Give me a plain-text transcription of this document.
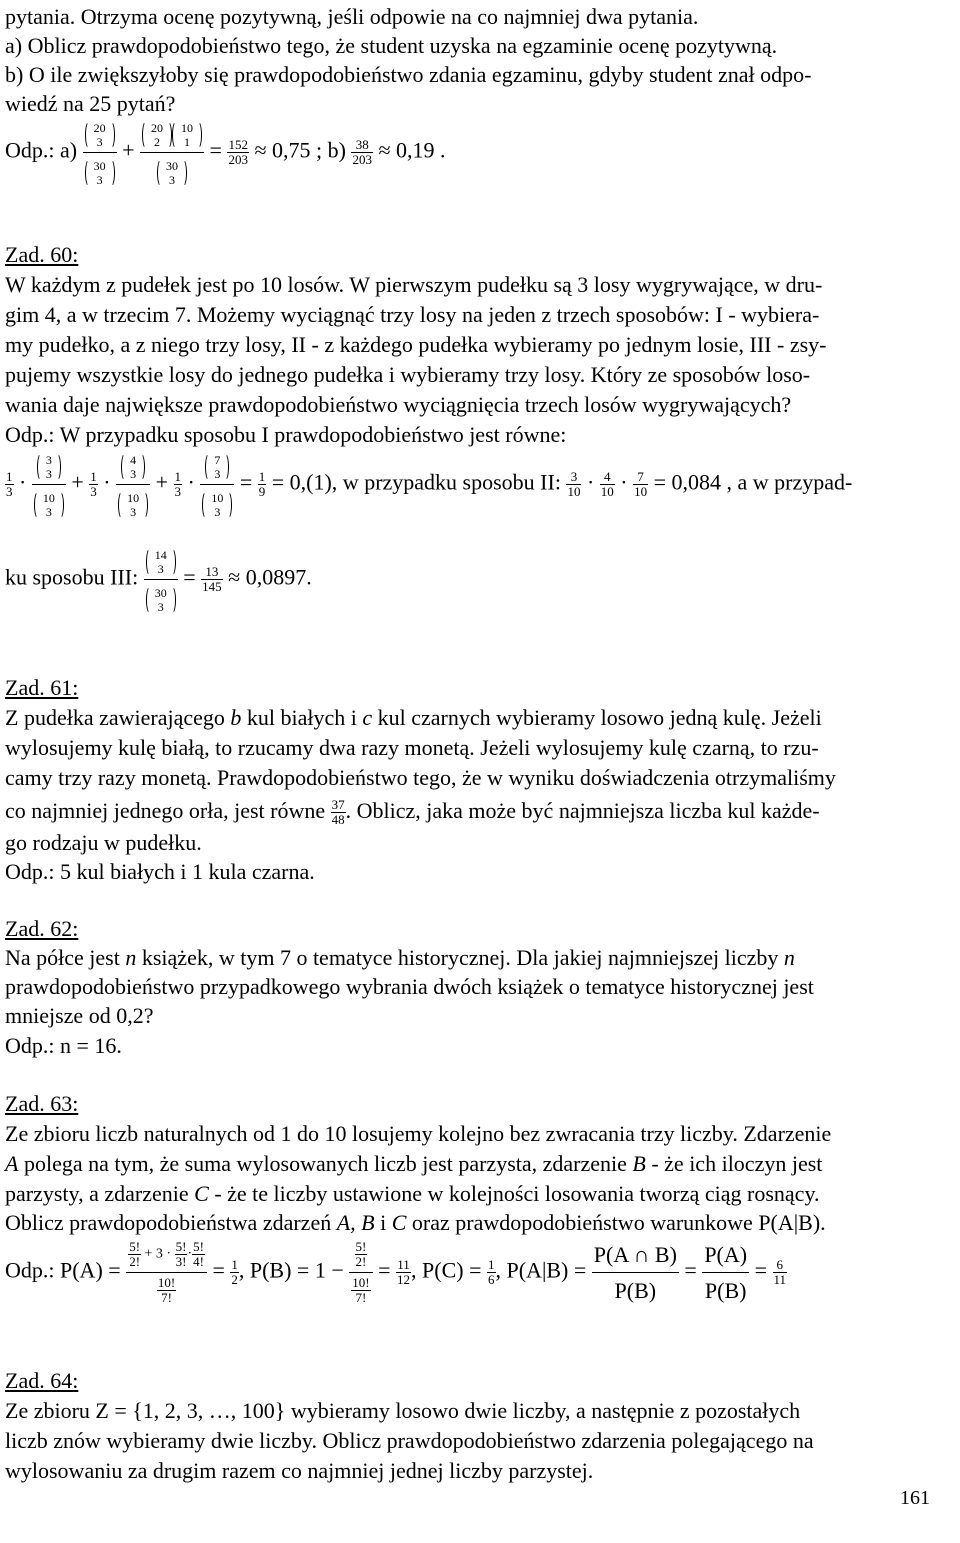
pytania. Otrzyma ocenę pozytywną, jeśli odpowie na co najmniej dwa pytania.
a) Oblicz prawdopodobieństwo tego, że student uzyska na egzaminie ocenę pozytywną.
b) O ile zwiększyłoby się prawdopodobieństwo zdania egzaminu, gdyby student znał odpo-
wiedź na 25 pytań?
Odp.: a) 20
3
30
3 + 20
2
10
1
30
$3 = \frac{152}{203} \approx 0,75$ ; $b) \frac{38}{203} \approx 0,19$ .
Zad. 60:
W każdym z pudełek jest po 10 losów. W pierwszym pudełku są 3 losy wygrywające, w dru-
gim 4, a w trzecim 7. Możemy wyciągnąć trzy losy na jeden z trzech sposobów: I - wybiera-
my pudełko, a z niego trzy losy, II - z każdego pudełka wybieramy po jednym losie, III - zsy-
pujemy wszystkie losy do jednego pudełka i wybieramy trzy losy. Który ze sposobów loso-
wania daje największe prawdopodobieństwo wyciągnięcia trzech losów wygrywających?
Odp.: W przypadku sposobu I prawdopodobieństwo jest równe:
$\frac{1}{3} \cdot 3$
3
10
$3 + \frac{1}{3} \cdot 4$
3
10
$3 + \frac{1}{3} \cdot 7$
3
10
$3 = \frac{1}{9} = 0,(1)$, w przypadku sposobu II: $\frac{3}{10} \cdot \frac{4}{10} \cdot \frac{7}{10} = 0,084$ , a w przypad-
ku sposobu III: 14
3
30
$3 = \frac{13}{145} \approx 0,0897$.
Zad. 61:
Z pudełka zawierającego b kul białych i c kul czarnych wybieramy losowo jedną kulę. Jeżeli
wylosujemy kulę białą, to rzucamy dwa razy monetą. Jeżeli wylosujemy kulę czarną, to rzu-
camy trzy razy monetą. Prawdopodobieństwo tego, że w wyniku doświadczenia otrzymaliśmy
co najmniej jednego orła, jest równe $\frac{37}{48}$ . Oblicz, jaka może być najmniejsza liczba kul każde-
go rodzaju w pudełku.
Odp.: 5 kul białych i 1 kula czarna.
Zad. 62:
Na półce jest n książek, w tym 7 o tematyce historycznej. Dla jakiej najmniejszej liczby n
prawdopodobieństwo przypadkowego wybrania dwóch książek o tematyce historycznej jest
mniejsze od 0,2?
Odp.: n = 16.
Zad. 63:
Ze zbioru liczb naturalnych od 1 do 10 losujemy kolejno bez zwracania trzy liczby. Zdarzenie
A polega na tym, że suma wylosowanych liczb jest parzysta, zdarzenie B - że ich iloczyn jest
parzysty, a zdarzenie C - że te liczby ustawione w kolejności losowania tworzą ciąg rosnący.
Oblicz prawdopodobieństwa zdarzeń A, B i C oraz prawdopodobieństwo warunkowe P(A|B).
Odp.: $P(A) = \frac{\frac{5!}{2!} + 3 \cdot \frac{5!}{3!} \cdot \frac{5!}{4!}}{\frac{10!}{7!}} = \frac{1}{2}$ , $P(B) = 1 - \frac{\frac{5!}{2!}}{\frac{10!}{7!}} = \frac{11}{12}$ , $P(C) = \frac{1}{6}$ , $P(A|B) = \frac{P(A \cap B)}{P(B)} = \frac{P(A)}{P(B)} = \frac{6}{11}$
Zad. 64:
Ze zbioru Z = {1, 2, 3, …, 100} wybieramy losowo dwie liczby, a następnie z pozostałych
liczb znów wybieramy dwie liczby. Oblicz prawdopodobieństwo zdarzenia polegającego na
wylosowaniu za drugim razem co najmniej jednej liczby parzystej.
161
